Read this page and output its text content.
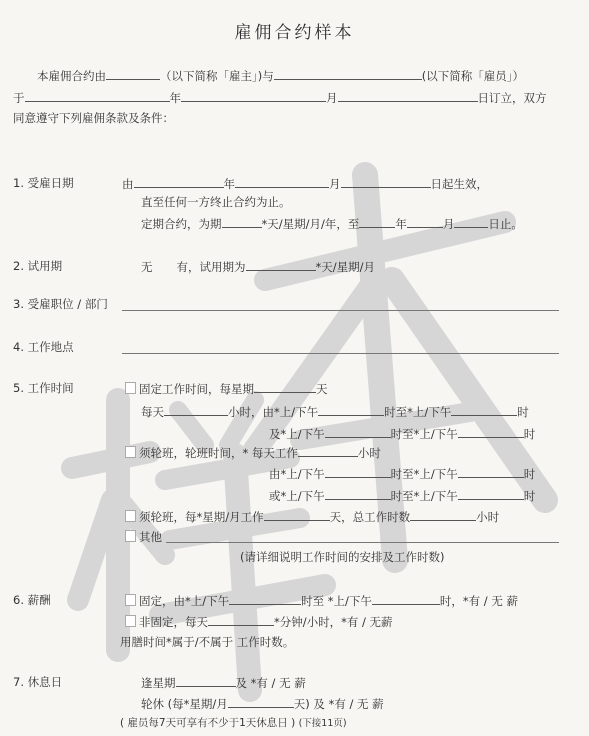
雇佣合约样本
本雇佣合约由	（以下简称「雇主」)与	(以下简称「雇员」）
于	年	月	日订立，双方
同意遵守下列雇佣条款及条件：
1. 受雇日期	由	年	月	日起生效，
直至任何一方终止合约为止。
定期合约，为期	*天/星期/月/年，至	年	月	日止。
2. 试用期	无 有，试用期为	*天/星期/月
3. 受雇职位 / 部门
4. 工作地点
5. 工作时间	固定工作时间，每星期	天
每天	小时，由*上/下午	时至*上/下午	时
及*上/下午	时至*上/下午	时
须轮班，轮班时间，* 每天工作	小时
由*上/下午	时至*上/下午	时
或*上/下午	时至*上/下午	时
须轮班，每*星期/月工作	天，总工作时数	小时
其他
(请详细说明工作时间的安排及工作时数)
6. 薪酬	固定，由*上/下午	时至 *上/下午	时，*有 / 无 薪
非固定，每天	*分钟/小时，*有 / 无薪
用膳时间*属于/不属于 工作时数。
7. 休息日	逢星期	及 *有 / 无 薪
轮休 (每*星期/月	天) 及 *有 / 无 薪
( 雇员每7天可享有不少于1天休息日 ) (下接11页)
